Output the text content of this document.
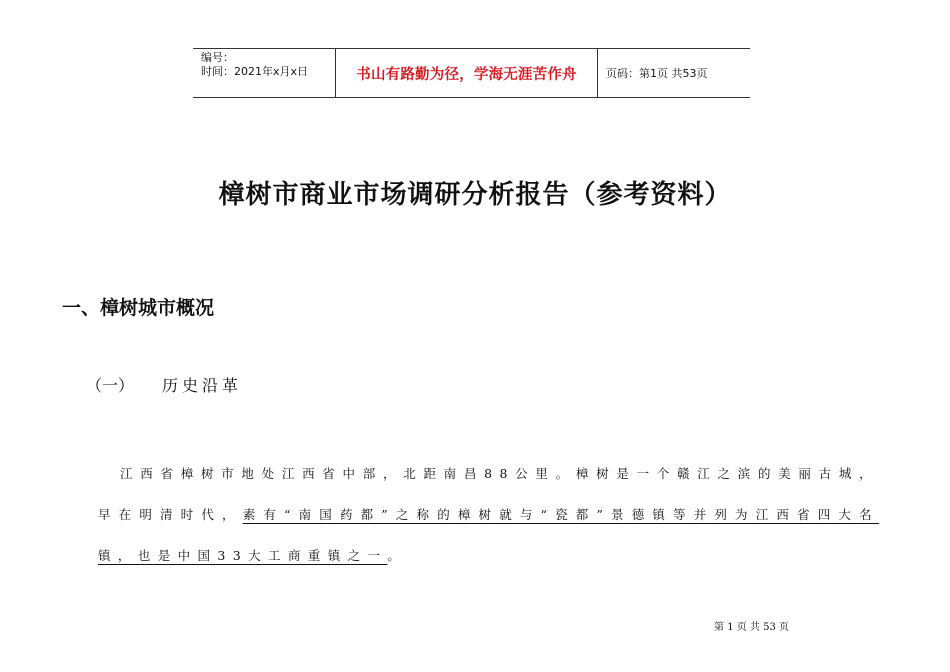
编号：
时间：2021年x月x日	书山有路勤为径，学海无涯苦作舟	页码：第1页 共53页
樟树市商业市场调研分析报告（参考资料）
一、樟树城市概况
（一）	历史沿革
江西省樟树市地处江西省中部，北距南昌88公里。樟树是一个赣江之滨的美丽古城，早在明清时代，素有“南国药都”之称的樟树就与“瓷都”景德镇等并列为江西省四大名镇，也是中国33大工商重镇之一。
第 1 页 共 53 页
